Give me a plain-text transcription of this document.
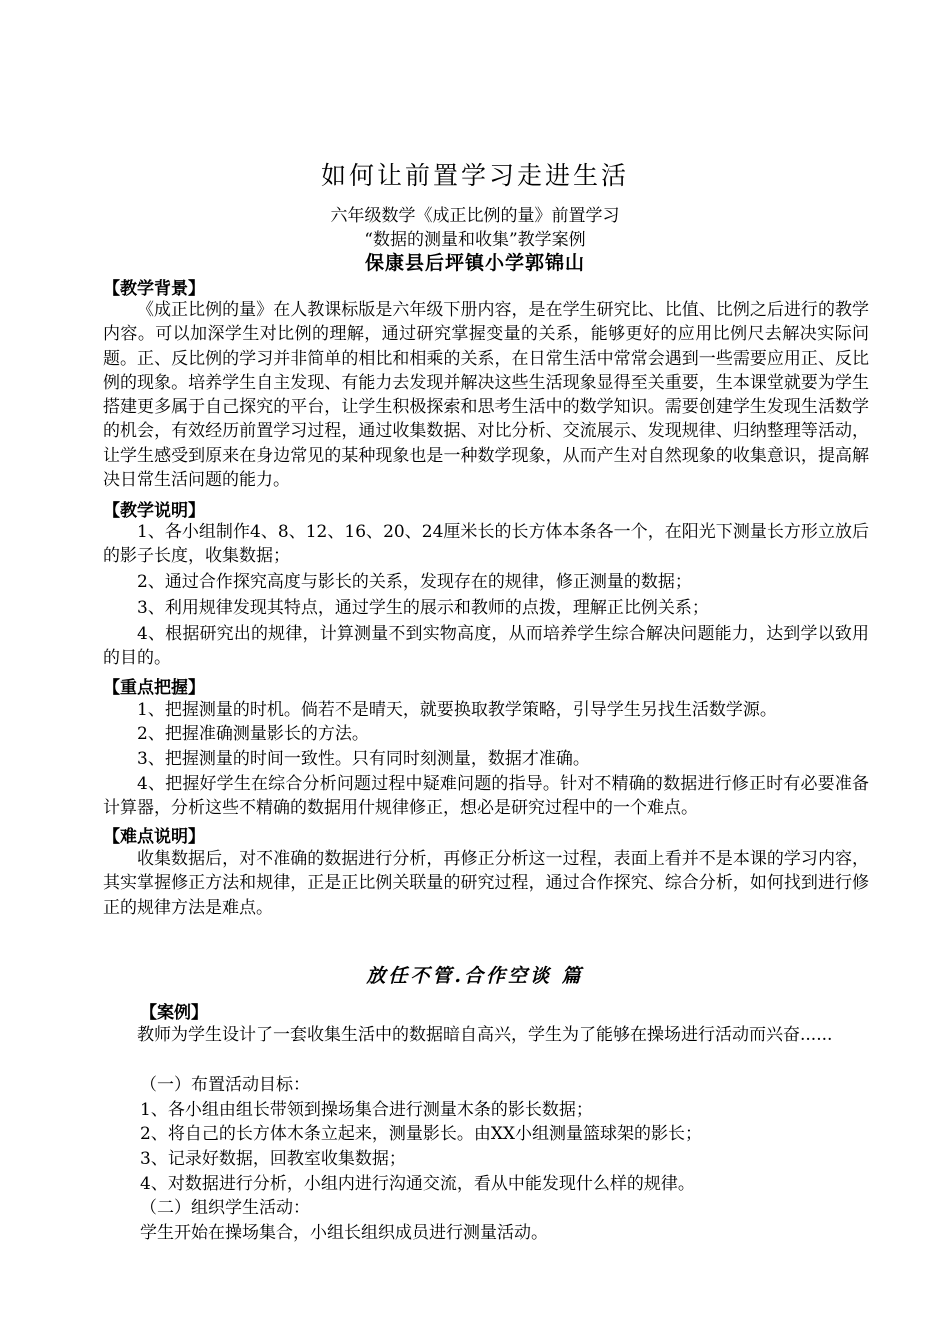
如何让前置学习走进生活
六年级数学《成正比例的量》前置学习
“数据的测量和收集”教学案例
保康县后坪镇小学郭锦山
【教学背景】
《成正比例的量》在人教课标版是六年级下册内容，是在学生研究比、比值、比例之后进行的教学内容。可以加深学生对比例的理解，通过研究掌握变量的关系，能够更好的应用比例尺去解决实际问题。正、反比例的学习并非简单的相比和相乘的关系，在日常生活中常常会遇到一些需要应用正、反比例的现象。培养学生自主发现、有能力去发现并解决这些生活现象显得至关重要，生本课堂就要为学生搭建更多属于自己探究的平台，让学生积极探索和思考生活中的数学知识。需要创建学生发现生活数学的机会，有效经历前置学习过程，通过收集数据、对比分析、交流展示、发现规律、归纳整理等活动，让学生感受到原来在身边常见的某种现象也是一种数学现象，从而产生对自然现象的收集意识，提高解决日常生活问题的能力。
【教学说明】
1、各小组制作4、8、12、16、20、24厘米长的长方体本条各一个，在阳光下测量长方形立放后的影子长度，收集数据；
2、通过合作探究高度与影长的关系，发现存在的规律，修正测量的数据；
3、利用规律发现其特点，通过学生的展示和教师的点拨，理解正比例关系；
4、根据研究出的规律，计算测量不到实物高度，从而培养学生综合解决问题能力，达到学以致用的目的。
【重点把握】
1、把握测量的时机。倘若不是晴天，就要换取教学策略，引导学生另找生活数学源。
2、把握准确测量影长的方法。
3、把握测量的时间一致性。只有同时刻测量，数据才准确。
4、把握好学生在综合分析问题过程中疑难问题的指导。针对不精确的数据进行修正时有必要准备计算器，分析这些不精确的数据用什规律修正，想必是研究过程中的一个难点。
【难点说明】
收集数据后，对不准确的数据进行分析，再修正分析这一过程，表面上看并不是本课的学习内容，其实掌握修正方法和规律，正是正比例关联量的研究过程，通过合作探究、综合分析，如何找到进行修正的规律方法是难点。
放任不管.合作空谈 篇
【案例】
教师为学生设计了一套收集生活中的数据暗自高兴，学生为了能够在操场进行活动而兴奋......
（一）布置活动目标：
1、各小组由组长带领到操场集合进行测量木条的影长数据；
2、将自己的长方体木条立起来，测量影长。由XX小组测量篮球架的影长；
3、记录好数据，回教室收集数据；
4、对数据进行分析，小组内进行沟通交流，看从中能发现什么样的规律。
（二）组织学生活动：
学生开始在操场集合，小组长组织成员进行测量活动。
